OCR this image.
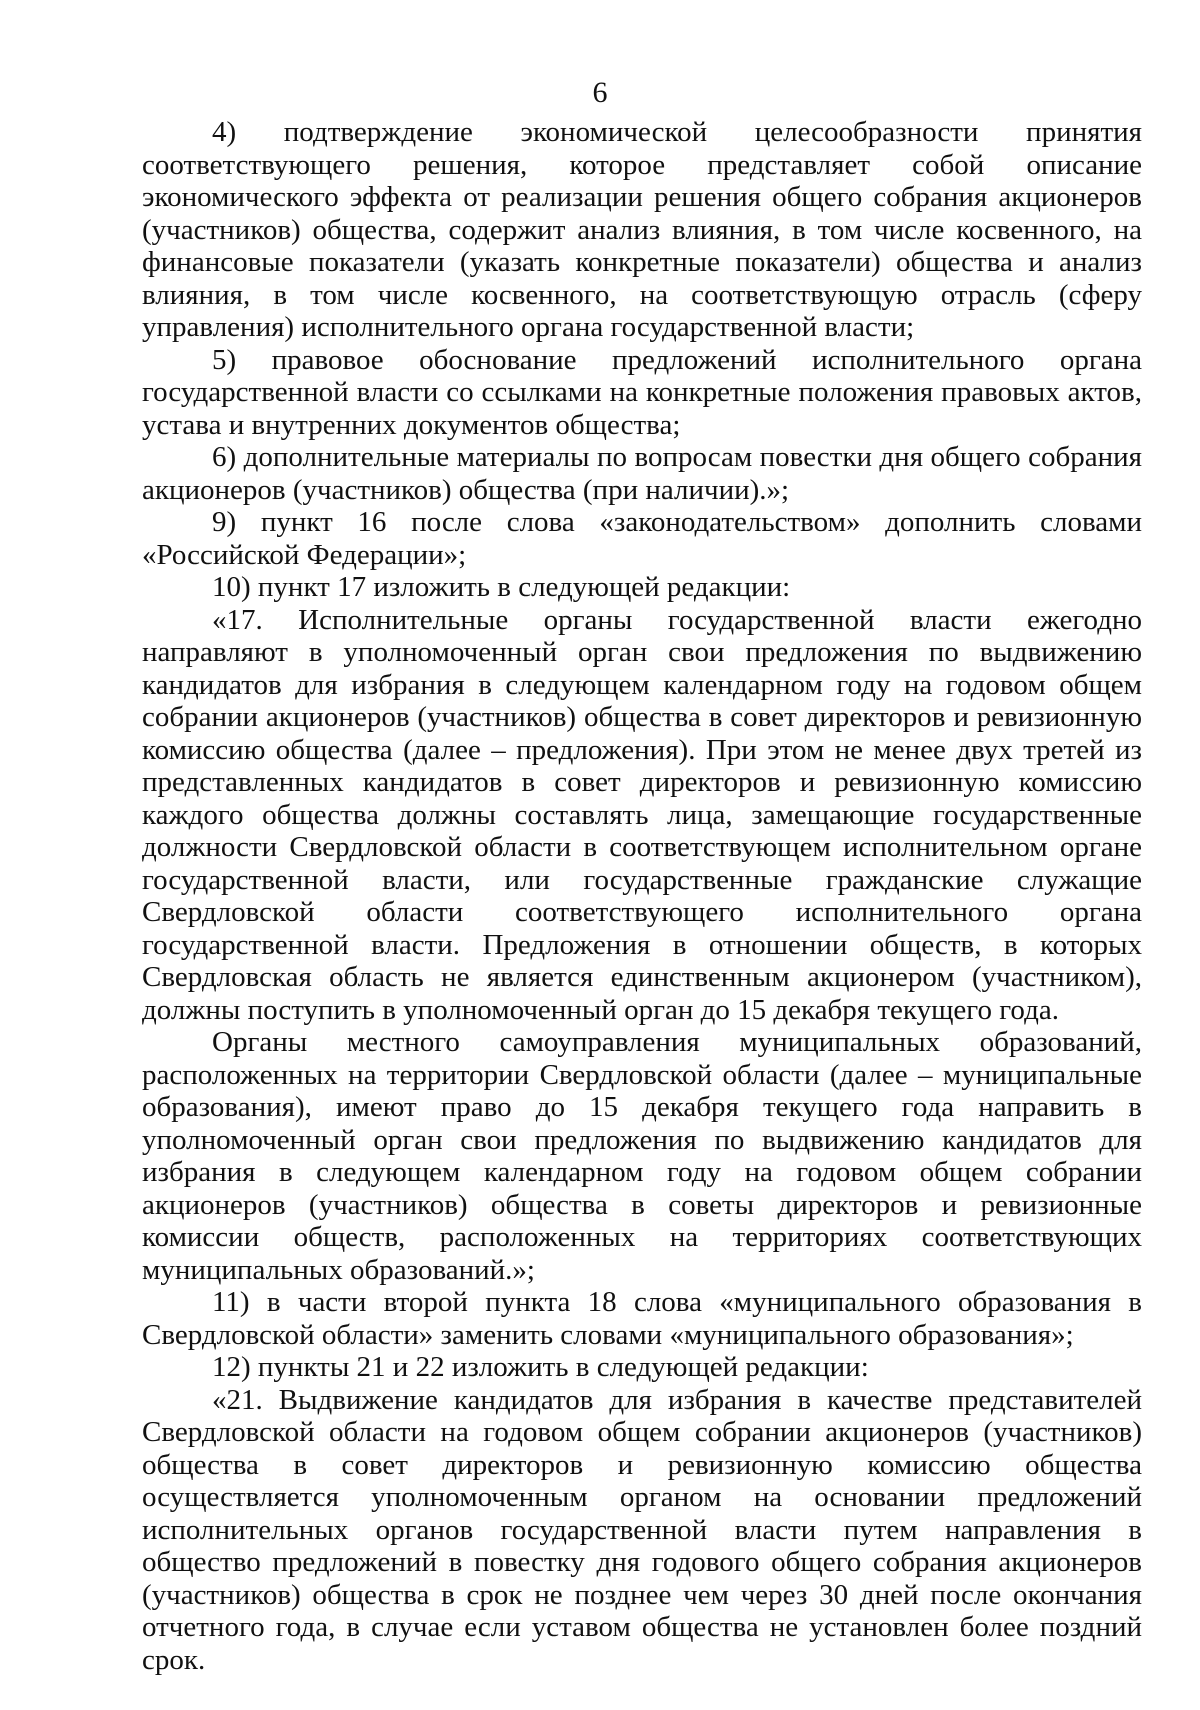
6

4) подтверждение экономической целесообразности принятия соответствующего решения, которое представляет собой описание экономического эффекта от реализации решения общего собрания акционеров (участников) общества, содержит анализ влияния, в том числе косвенного, на финансовые показатели (указать конкретные показатели) общества и анализ влияния, в том числе косвенного, на соответствующую отрасль (сферу управления) исполнительного органа государственной власти;

5) правовое обоснование предложений исполнительного органа государственной власти со ссылками на конкретные положения правовых актов, устава и внутренних документов общества;

6) дополнительные материалы по вопросам повестки дня общего собрания акционеров (участников) общества (при наличии).»;

9) пункт 16 после слова «законодательством» дополнить словами «Российской Федерации»;

10) пункт 17 изложить в следующей редакции:

«17. Исполнительные органы государственной власти ежегодно направляют в уполномоченный орган свои предложения по выдвижению кандидатов для избрания в следующем календарном году на годовом общем собрании акционеров (участников) общества в совет директоров и ревизионную комиссию общества (далее – предложения). При этом не менее двух третей из представленных кандидатов в совет директоров и ревизионную комиссию каждого общества должны составлять лица, замещающие государственные должности Свердловской области в соответствующем исполнительном органе государственной власти, или государственные гражданские служащие Свердловской области соответствующего исполнительного органа государственной власти. Предложения в отношении обществ, в которых Свердловская область не является единственным акционером (участником), должны поступить в уполномоченный орган до 15 декабря текущего года.

Органы местного самоуправления муниципальных образований, расположенных на территории Свердловской области (далее – муниципальные образования), имеют право до 15 декабря текущего года направить в уполномоченный орган свои предложения по выдвижению кандидатов для избрания в следующем календарном году на годовом общем собрании акционеров (участников) общества в советы директоров и ревизионные комиссии обществ, расположенных на территориях соответствующих муниципальных образований.»;

11) в части второй пункта 18 слова «муниципального образования в Свердловской области» заменить словами «муниципального образования»;

12) пункты 21 и 22 изложить в следующей редакции:

«21. Выдвижение кандидатов для избрания в качестве представителей Свердловской области на годовом общем собрании акционеров (участников) общества в совет директоров и ревизионную комиссию общества осуществляется уполномоченным органом на основании предложений исполнительных органов государственной власти путем направления в общество предложений в повестку дня годового общего собрания акционеров (участников) общества в срок не позднее чем через 30 дней после окончания отчетного года, в случае если уставом общества не установлен более поздний срок.
